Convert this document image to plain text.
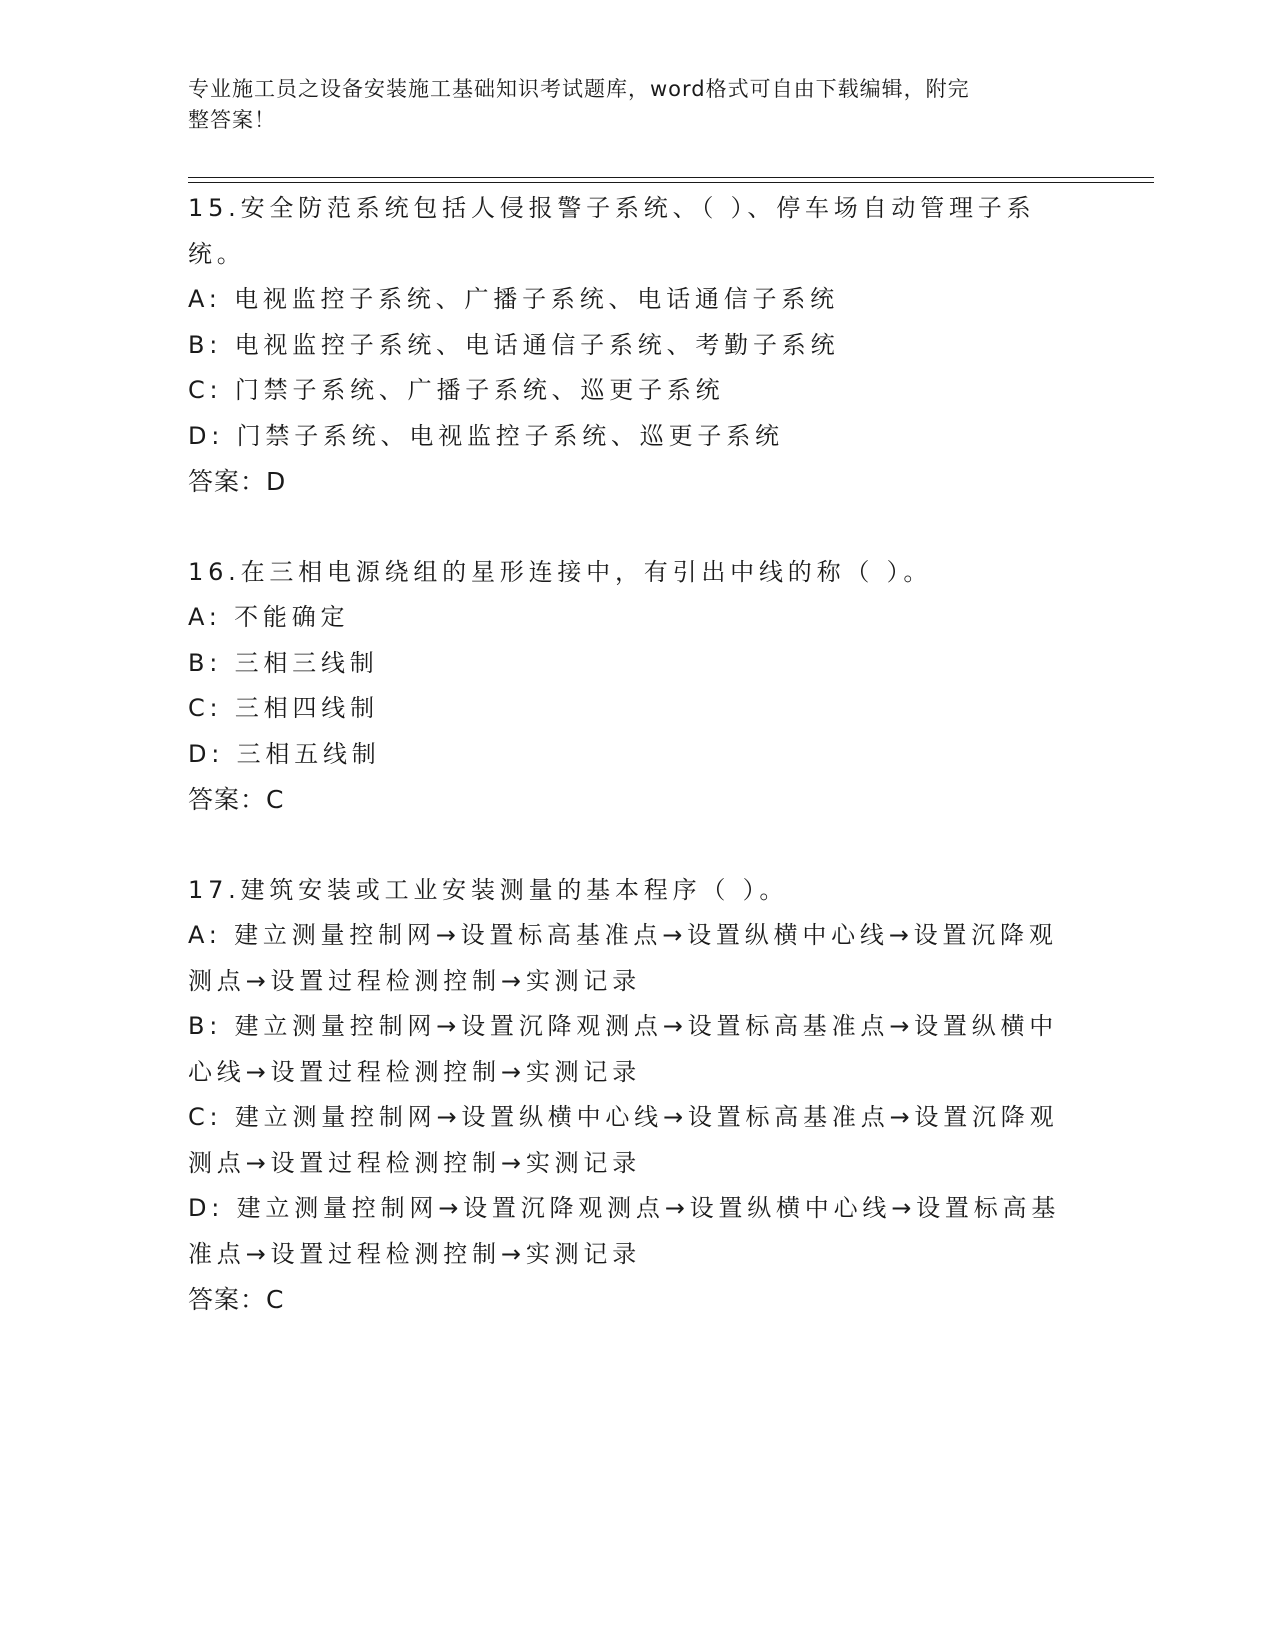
专业施工员之设备安装施工基础知识考试题库，word格式可自由下载编辑，附完
整答案！

15.安全防范系统包括人侵报警子系统、（ ）、停车场自动管理子系统。

A: 电视监控子系统、广播子系统、电话通信子系统

B: 电视监控子系统、电话通信子系统、考勤子系统

C: 门禁子系统、广播子系统、巡更子系统

D: 门禁子系统、电视监控子系统、巡更子系统

答案：D

16.在三相电源绕组的星形连接中，有引出中线的称（ ）。

A: 不能确定

B: 三相三线制

C: 三相四线制

D: 三相五线制

答案：C

17.建筑安装或工业安装测量的基本程序（ ）。

A: 建立测量控制网→设置标高基准点→设置纵横中心线→设置沉降观测点→设置过程检测控制→实测记录

B: 建立测量控制网→设置沉降观测点→设置标高基准点→设置纵横中心线→设置过程检测控制→实测记录

C: 建立测量控制网→设置纵横中心线→设置标高基准点→设置沉降观测点→设置过程检测控制→实测记录

D: 建立测量控制网→设置沉降观测点→设置纵横中心线→设置标高基准点→设置过程检测控制→实测记录

答案：C
